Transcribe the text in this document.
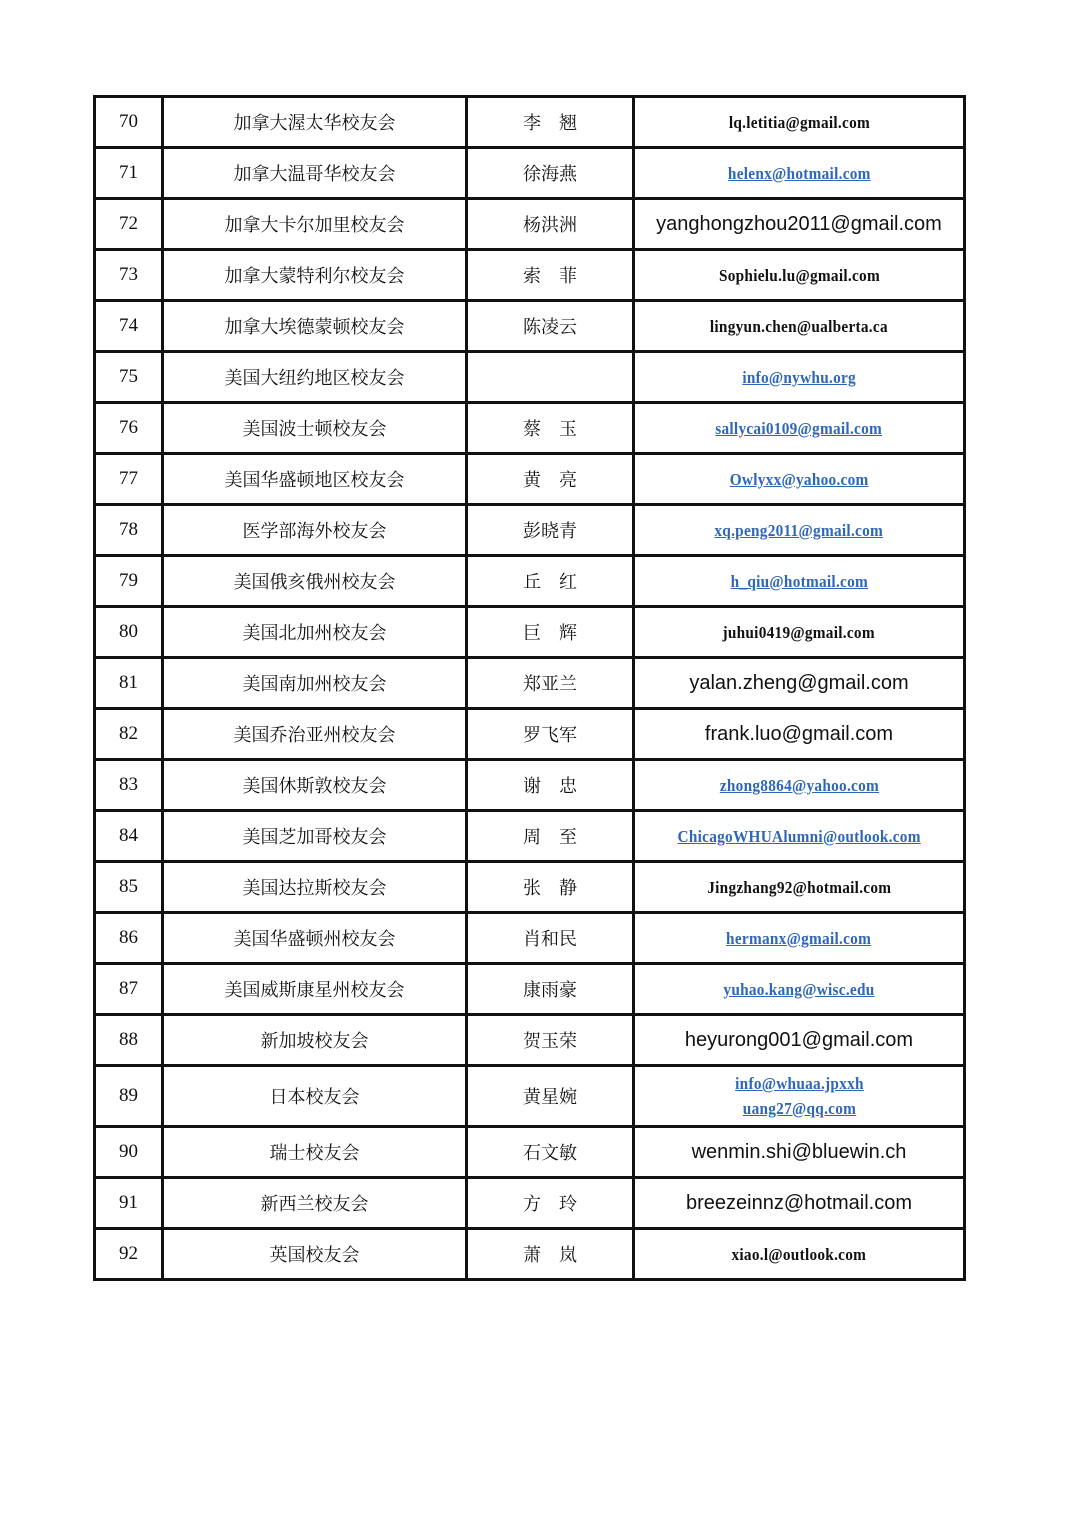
70	加拿大渥太华校友会	李　翘	lq.letitia@gmail.com
71	加拿大温哥华校友会	徐海燕	helenx@hotmail.com
72	加拿大卡尔加里校友会	杨洪洲	yanghongzhou2011@gmail.com
73	加拿大蒙特利尔校友会	索　菲	Sophielu.lu@gmail.com
74	加拿大埃德蒙顿校友会	陈凌云	lingyun.chen@ualberta.ca
75	美国大纽约地区校友会		info@nywhu.org
76	美国波士顿校友会	蔡　玉	sallycai0109@gmail.com
77	美国华盛顿地区校友会	黄　亮	Owlyxx@yahoo.com
78	医学部海外校友会	彭晓青	xq.peng2011@gmail.com
79	美国俄亥俄州校友会	丘　红	h_qiu@hotmail.com
80	美国北加州校友会	巨　辉	juhui0419@gmail.com
81	美国南加州校友会	郑亚兰	yalan.zheng@gmail.com
82	美国乔治亚州校友会	罗飞军	frank.luo@gmail.com
83	美国休斯敦校友会	谢　忠	zhong8864@yahoo.com
84	美国芝加哥校友会	周　至	ChicagoWHUAlumni@outlook.com
85	美国达拉斯校友会	张　静	Jingzhang92@hotmail.com
86	美国华盛顿州校友会	肖和民	hermanx@gmail.com
87	美国威斯康星州校友会	康雨豪	yuhao.kang@wisc.edu
88	新加坡校友会	贺玉荣	heyurong001@gmail.com
89	日本校友会	黄星婉	info@whuaa.jpxxh
uang27@qq.com
90	瑞士校友会	石文敏	wenmin.shi@bluewin.ch
91	新西兰校友会	方　玲	breezeinnz@hotmail.com
92	英国校友会	萧　岚	xiao.l@outlook.com
